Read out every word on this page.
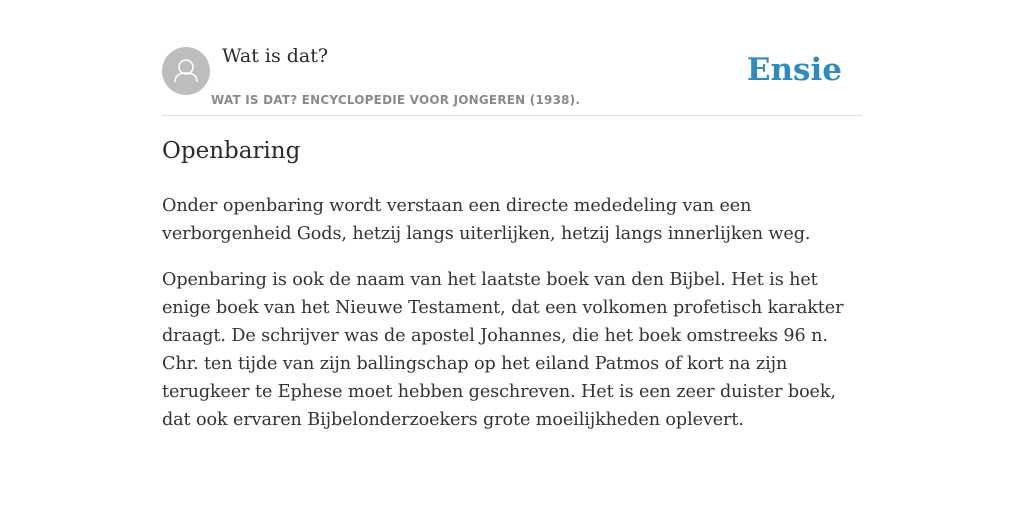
Wat is dat?
WAT IS DAT? ENCYCLOPEDIE VOOR JONGEREN (1938).
Ensie
Openbaring

Onder openbaring wordt verstaan een directe mededeling van een verborgenheid Gods, hetzij langs uiterlijken, hetzij langs innerlijken weg.

Openbaring is ook de naam van het laatste boek van den Bijbel. Het is het enige boek van het Nieuwe Testament, dat een volkomen profetisch karakter draagt. De schrijver was de apostel Johannes, die het boek omstreeks 96 n. Chr. ten tijde van zijn ballingschap op het eiland Patmos of kort na zijn terugkeer te Ephese moet hebben geschreven. Het is een zeer duister boek, dat ook ervaren Bijbelonderzoekers grote moeilijkheden oplevert.
